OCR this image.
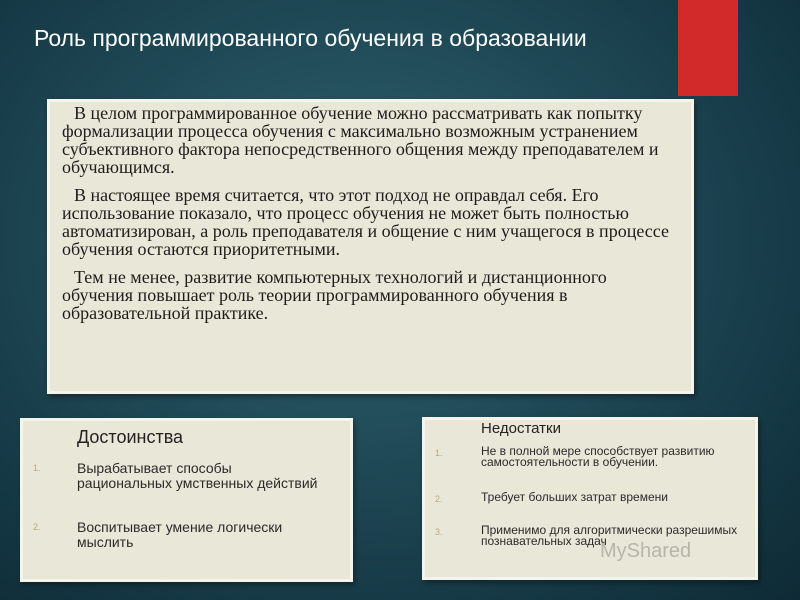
Роль программированного обучения в образовании

В целом программированное обучение можно рассматривать как попытку формализации процесса обучения с максимально возможным устранением субъективного фактора непосредственного общения между преподавателем и обучающимся.

В настоящее время считается, что этот подход не оправдал себя. Его использование показало, что процесс обучения не может быть полностью автоматизирован, а роль преподавателя и общение с ним учащегося в процессе обучения остаются приоритетными.

Тем не менее, развитие компьютерных технологий и дистанционного обучения повышает роль теории программированного обучения в образовательной практике.

Достоинства
1.	Вырабатывает способы рациональных умственных действий
2.	Воспитывает умение логически мыслить
Недостатки
1.	Не в полной мере способствует развитию самостоятельности в обучении.
2.	Требует больших затрат времени
3.	Применимо для алгоритмически разрешимых познавательных задач
MyShared
